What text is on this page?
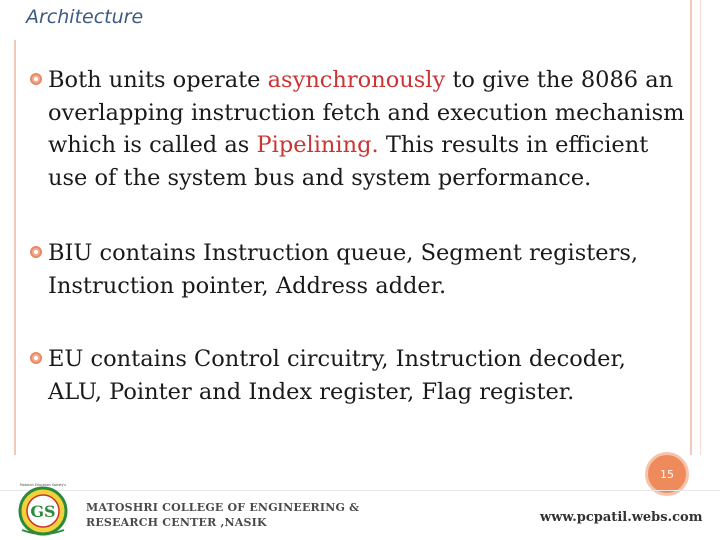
Architecture
Both units operate asynchronously to give the 8086 an overlapping instruction fetch and execution mechanism which is called as Pipelining. This results in efficient use of the system bus and system performance.
BIU contains Instruction queue, Segment registers, Instruction pointer, Address adder.
EU contains Control circuitry, Instruction decoder, ALU, Pointer and Index register, Flag register.
15
Matoshri Education Society's
GS	MATOSHRI COLLEGE OF ENGINEERING &
RESEARCH CENTER ,NASIK	www.pcpatil.webs.com
